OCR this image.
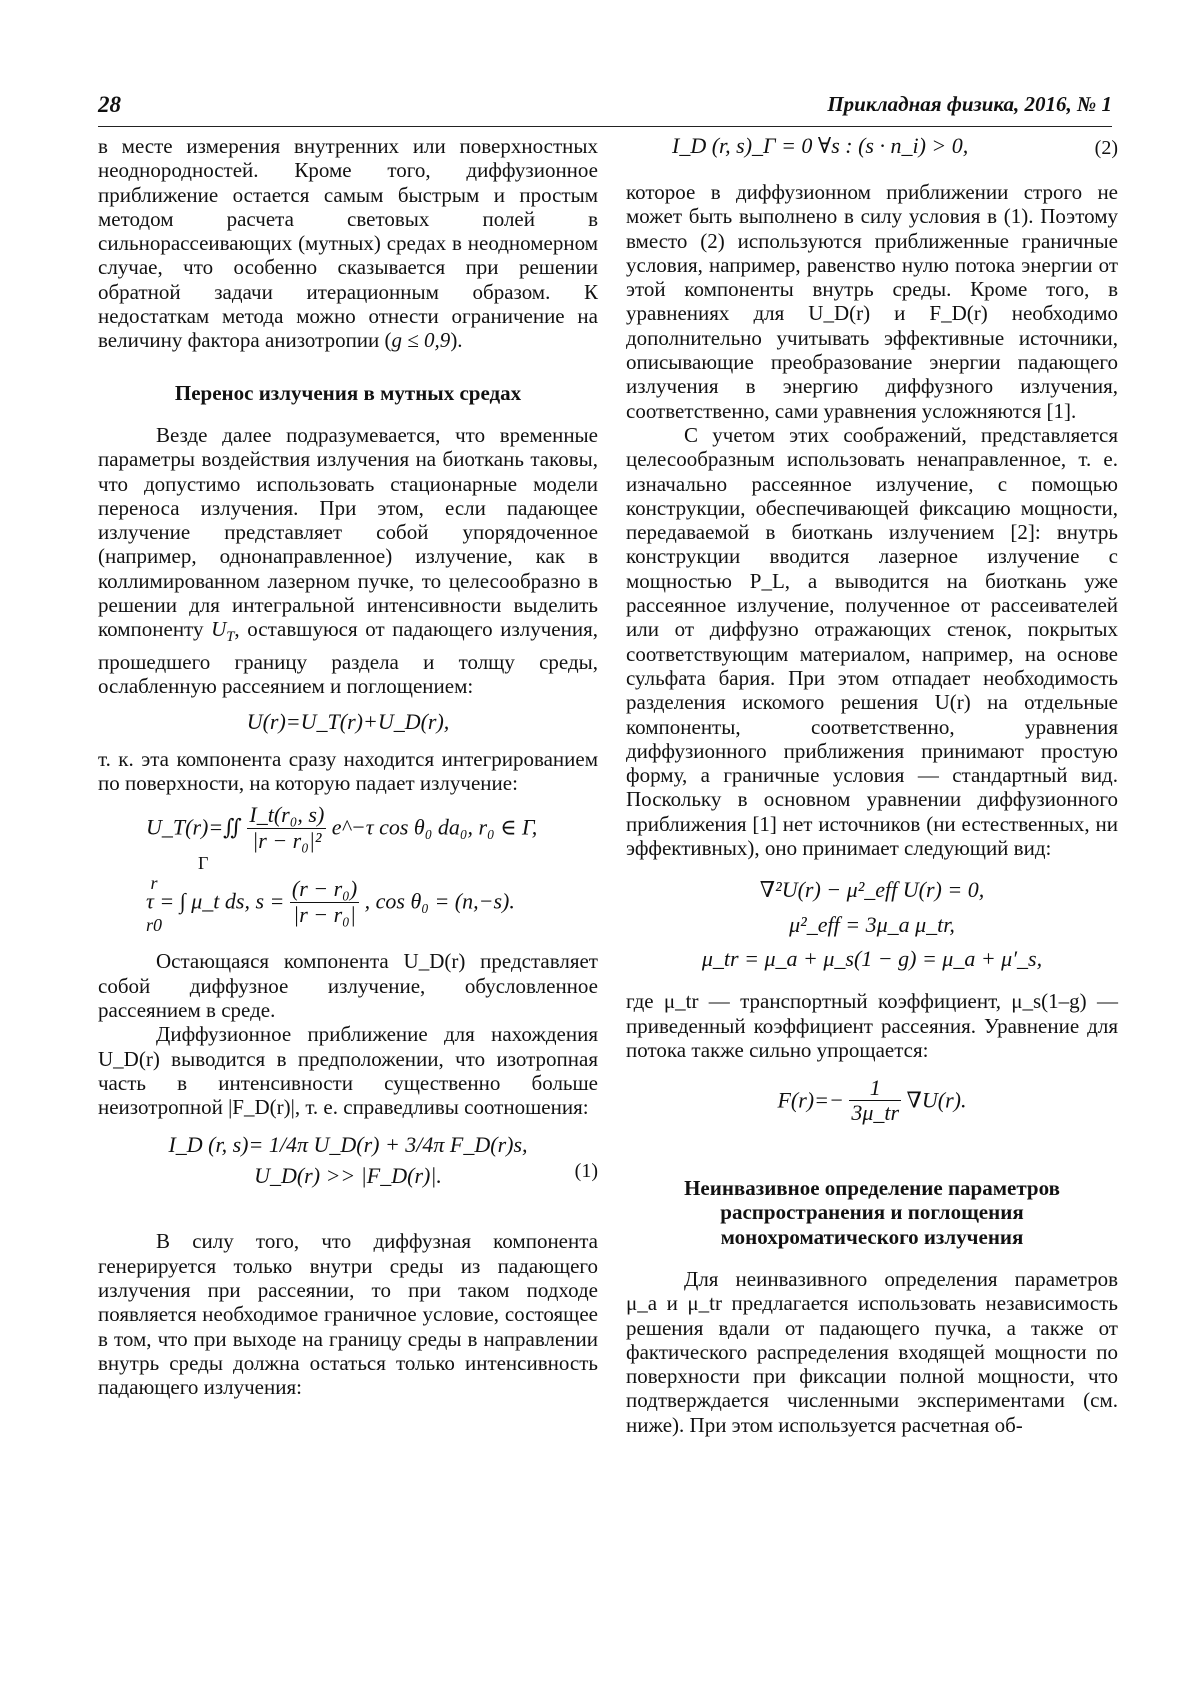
28	Прикладная физика, 2016, № 1

в месте измерения внутренних или поверхностных неоднородностей. Кроме того, диффузионное приближение остается самым быстрым и простым методом расчета световых полей в сильнорассеивающих (мутных) средах в неодномерном случае, что особенно сказывается при решении обратной задачи итерационным образом. К недостаткам метода можно отнести ограничение на величину фактора анизотропии (g ≤ 0,9).

Перенос излучения в мутных средах

Везде далее подразумевается, что временные параметры воздействия излучения на биоткань таковы, что допустимо использовать стационарные модели переноса излучения. При этом, если падающее излучение представляет собой упорядоченное (например, однонаправленное) излучение, как в коллимированном лазерном пучке, то целесообразно в решении для интегральной интенсивности выделить компоненту $U_T$, оставшуюся от падающего излучения, прошедшего границу раздела и толщу среды, ослабленную рассеянием и поглощением:

U(r)=U_T(r)+U_D(r),

т. к. эта компонента сразу находится интегрированием по поверхности, на которую падает излучение:

U_T(r)=∬ $\frac{\text{I\_t(r₀, s)}}{\text{|r − r₀|²}}$ e^−τ cos θ₀ da₀, r₀ ∈ Γ,
Γ
r
r0
τ = ∫ μ_t ds, $s = \frac{\text{(r − r₀)}}{\text{|r − r₀|}}$ , cos θ₀ = (n,−s).

Остающаяся компонента U_D(r) представляет собой диффузное излучение, обусловленное рассеянием в среде.

Диффузионное приближение для нахождения U_D(r) выводится в предположении, что изотропная часть в интенсивности существенно больше неизотропной |F_D(r)|, т. е. справедливы соотношения:

I_D (r, s)= 1/4π U_D(r) + 3/4π F_D(r)s,
U_D(r) >> |F_D(r)|.	(1)

В силу того, что диффузная компонента генерируется только внутри среды из падающего излучения при рассеянии, то при таком подходе появляется необходимое граничное условие, состоящее в том, что при выходе на границу среды в направлении внутрь среды должна остаться только интенсивность падающего излучения:

I_D (r, s)_Γ = 0 ∀s : (s · n_i) > 0,	(2)

которое в диффузионном приближении строго не может быть выполнено в силу условия в (1). Поэтому вместо (2) используются приближенные граничные условия, например, равенство нулю потока энергии от этой компоненты внутрь среды. Кроме того, в уравнениях для U_D(r) и F_D(r) необходимо дополнительно учитывать эффективные источники, описывающие преобразование энергии падающего излучения в энергию диффузного излучения, соответственно, сами уравнения усложняются [1].

С учетом этих соображений, представляется целесообразным использовать ненаправленное, т. е. изначально рассеянное излучение, с помощью конструкции, обеспечивающей фиксацию мощности, передаваемой в биоткань излучением [2]: внутрь конструкции вводится лазерное излучение с мощностью P_L, а выводится на биоткань уже рассеянное излучение, полученное от рассеивателей или от диффузно отражающих стенок, покрытых соответствующим материалом, например, на основе сульфата бария. При этом отпадает необходимость разделения искомого решения U(r) на отдельные компоненты, соответственно, уравнения диффузионного приближения принимают простую форму, а граничные условия — стандартный вид. Поскольку в основном уравнении диффузионного приближения [1] нет источников (ни естественных, ни эффективных), оно принимает следующий вид:

∇²U(r) − μ²_eff U(r) = 0,
μ²_eff = 3μ_a μ_tr,
μ_tr = μ_a + μ_s(1 − g) = μ_a + μ′_s,

где μ_tr — транспортный коэффициент, μ_s(1–g) — приведенный коэффициент рассеяния. Уравнение для потока также сильно упрощается:

$F(r)=- \frac{1}{3\mu\_tr} \nabla U(r)$.

Неинвазивное определение параметров

распространения и поглощения

монохроматического излучения

Для неинвазивного определения параметров μ_a и μ_tr предлагается использовать независимость решения вдали от падающего пучка, а также от фактического распределения входящей мощности по поверхности при фиксации полной мощности, что подтверждается численными экспериментами (см. ниже). При этом используется расчетная об-
